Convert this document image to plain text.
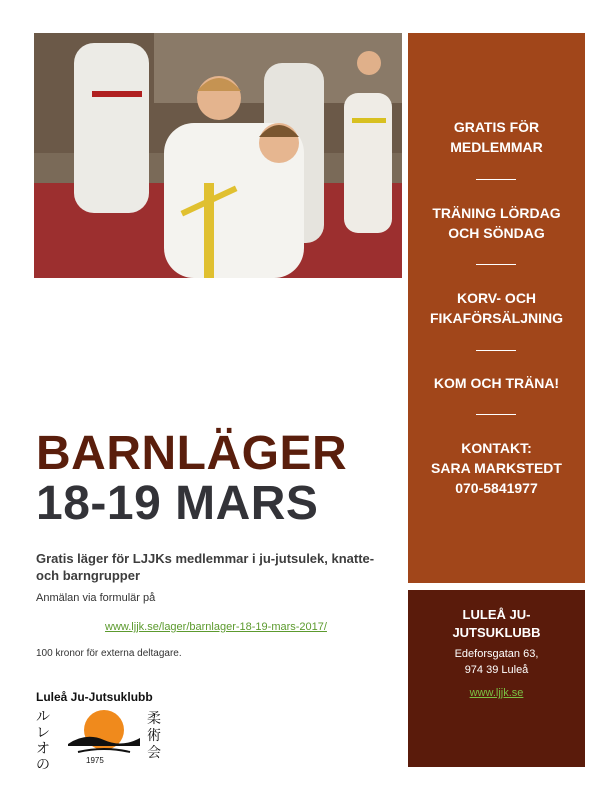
GRATIS FÖR
MEDLEMMAR
TRÄNING LÖRDAG
OCH SÖNDAG
KORV- OCH
FIKAFÖRSÄLJNING
KOM OCH TRÄNA!
KONTAKT:
SARA MARKSTEDT
070-5841977
LULEÅ JU-
JUTSUKLUBB
Edeforsgatan 63,
974 39 Luleå
www.ljjk.se
BARNLÄGER
18-19 MARS
Gratis läger för LJJKs medlemmar i ju-jutsulek, knatte- och barngrupper
Anmälan via formulär på
www.ljjk.se/lager/barnlager-18-19-mars-2017/
100 kronor för externa deltagare.
Luleå Ju-Jutsuklubb
ルレオの
柔術会
1975
